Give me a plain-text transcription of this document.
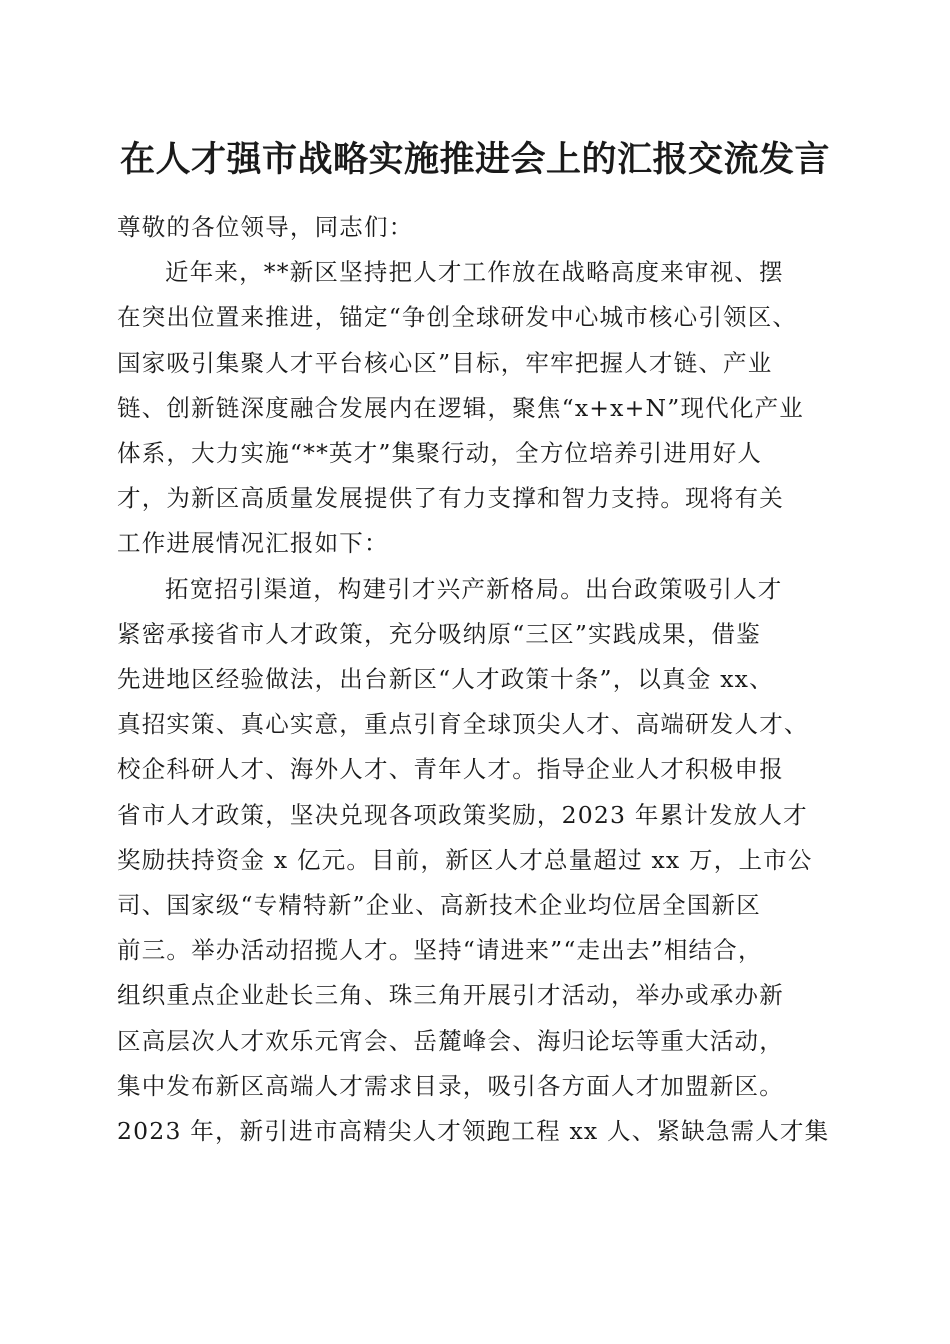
在人才强市战略实施推进会上的汇报交流发言

尊敬的各位领导，同志们：

近年来，**新区坚持把人才工作放在战略高度来审视、摆
在突出位置来推进，锚定“争创全球研发中心城市核心引领区、
国家吸引集聚人才平台核心区”目标，牢牢把握人才链、产业
链、创新链深度融合发展内在逻辑，聚焦“x+x+N”现代化产业
体系，大力实施“**英才”集聚行动，全方位培养引进用好人
才，为新区高质量发展提供了有力支撑和智力支持。现将有关
工作进展情况汇报如下：

拓宽招引渠道，构建引才兴产新格局。出台政策吸引人才
紧密承接省市人才政策，充分吸纳原“三区”实践成果，借鉴
先进地区经验做法，出台新区“人才政策十条”，以真金 xx、
真招实策、真心实意，重点引育全球顶尖人才、高端研发人才、
校企科研人才、海外人才、青年人才。指导企业人才积极申报
省市人才政策，坚决兑现各项政策奖励，2023 年累计发放人才
奖励扶持资金 x 亿元。目前，新区人才总量超过 xx 万，上市公
司、国家级“专精特新”企业、高新技术企业均位居全国新区
前三。举办活动招揽人才。坚持“请进来”“走出去”相结合，
组织重点企业赴长三角、珠三角开展引才活动，举办或承办新
区高层次人才欢乐元宵会、岳麓峰会、海归论坛等重大活动，
集中发布新区高端人才需求目录，吸引各方面人才加盟新区。
2023 年，新引进市高精尖人才领跑工程 xx 人、紧缺急需人才集
